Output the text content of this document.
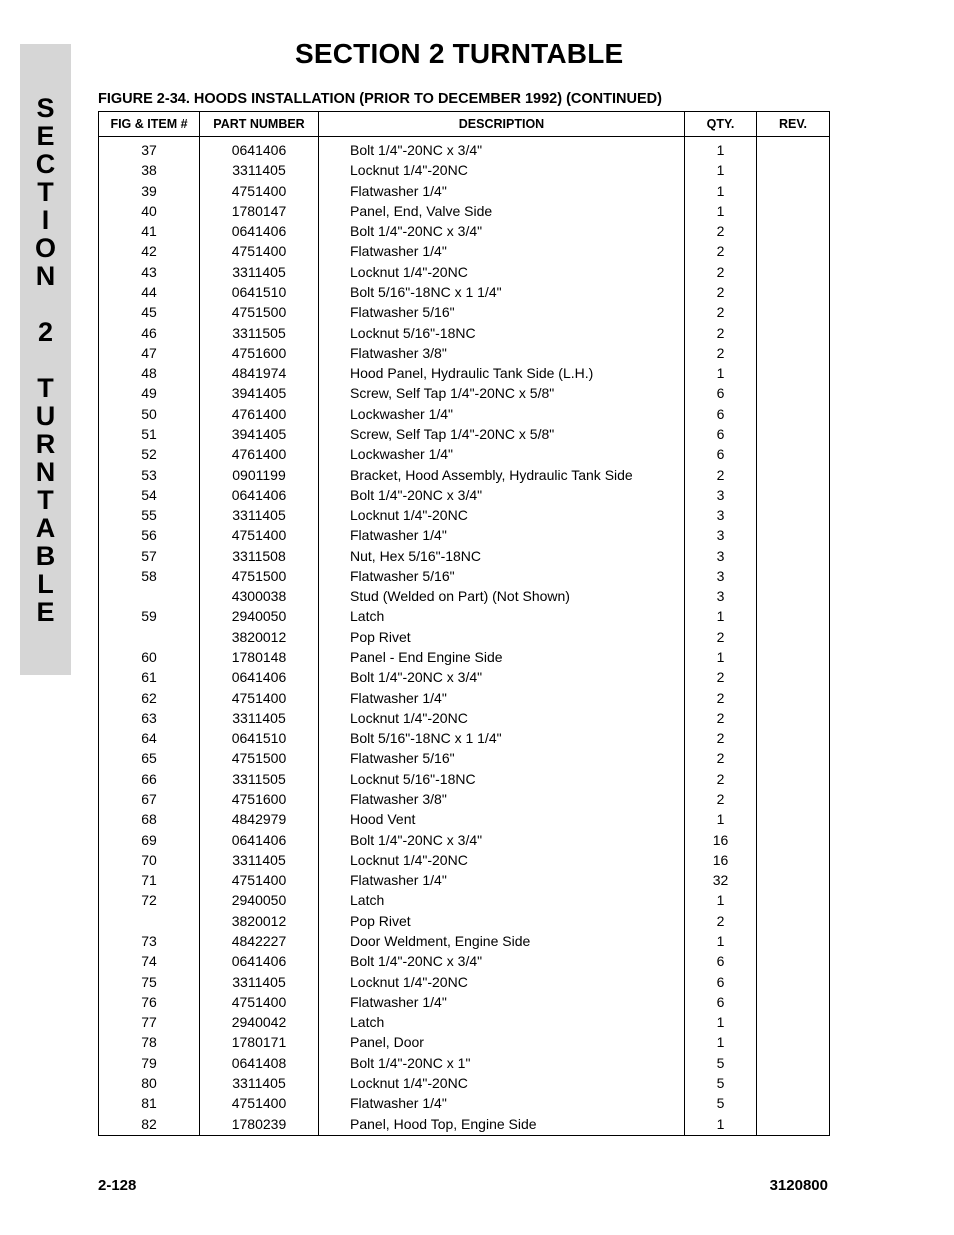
S
E
C
T
I
O
N
2
T
U
R
N
T
A
B
L
E
SECTION 2 TURNTABLE
FIGURE 2-34. HOODS INSTALLATION (PRIOR TO DECEMBER 1992) (CONTINUED)
FIG & ITEM #	PART NUMBER	DESCRIPTION	QTY.	REV.
37	0641406	Bolt 1/4"-20NC x 3/4"	1	
38	3311405	Locknut 1/4"-20NC	1	
39	4751400	Flatwasher 1/4"	1	
40	1780147	Panel, End, Valve Side	1	
41	0641406	Bolt 1/4"-20NC x 3/4"	2	
42	4751400	Flatwasher 1/4"	2	
43	3311405	Locknut 1/4"-20NC	2	
44	0641510	Bolt 5/16"-18NC x 1 1/4"	2	
45	4751500	Flatwasher 5/16"	2	
46	3311505	Locknut 5/16"-18NC	2	
47	4751600	Flatwasher 3/8"	2	
48	4841974	Hood Panel, Hydraulic Tank Side (L.H.)	1	
49	3941405	Screw, Self Tap 1/4"-20NC x 5/8"	6	
50	4761400	Lockwasher 1/4"	6	
51	3941405	Screw, Self Tap 1/4"-20NC x 5/8"	6	
52	4761400	Lockwasher 1/4"	6	
53	0901199	Bracket, Hood Assembly, Hydraulic Tank Side	2	
54	0641406	Bolt 1/4"-20NC x 3/4"	3	
55	3311405	Locknut 1/4"-20NC	3	
56	4751400	Flatwasher 1/4"	3	
57	3311508	Nut, Hex 5/16"-18NC	3	
58	4751500	Flatwasher 5/16"	3	
	4300038	Stud (Welded on Part) (Not Shown)	3	
59	2940050	Latch	1	
	3820012	Pop Rivet	2	
60	1780148	Panel - End Engine Side	1	
61	0641406	Bolt 1/4"-20NC x 3/4"	2	
62	4751400	Flatwasher 1/4"	2	
63	3311405	Locknut 1/4"-20NC	2	
64	0641510	Bolt 5/16"-18NC x 1 1/4"	2	
65	4751500	Flatwasher 5/16"	2	
66	3311505	Locknut 5/16"-18NC	2	
67	4751600	Flatwasher 3/8"	2	
68	4842979	Hood Vent	1	
69	0641406	Bolt 1/4"-20NC x 3/4"	16	
70	3311405	Locknut 1/4"-20NC	16	
71	4751400	Flatwasher 1/4"	32	
72	2940050	Latch	1	
	3820012	Pop Rivet	2	
73	4842227	Door Weldment, Engine Side	1	
74	0641406	Bolt 1/4"-20NC x 3/4"	6	
75	3311405	Locknut 1/4"-20NC	6	
76	4751400	Flatwasher 1/4"	6	
77	2940042	Latch	1	
78	1780171	Panel, Door	1	
79	0641408	Bolt 1/4"-20NC x 1"	5	
80	3311405	Locknut 1/4"-20NC	5	
81	4751400	Flatwasher 1/4"	5	
82	1780239	Panel, Hood Top, Engine Side	1	
2-128	3120800
